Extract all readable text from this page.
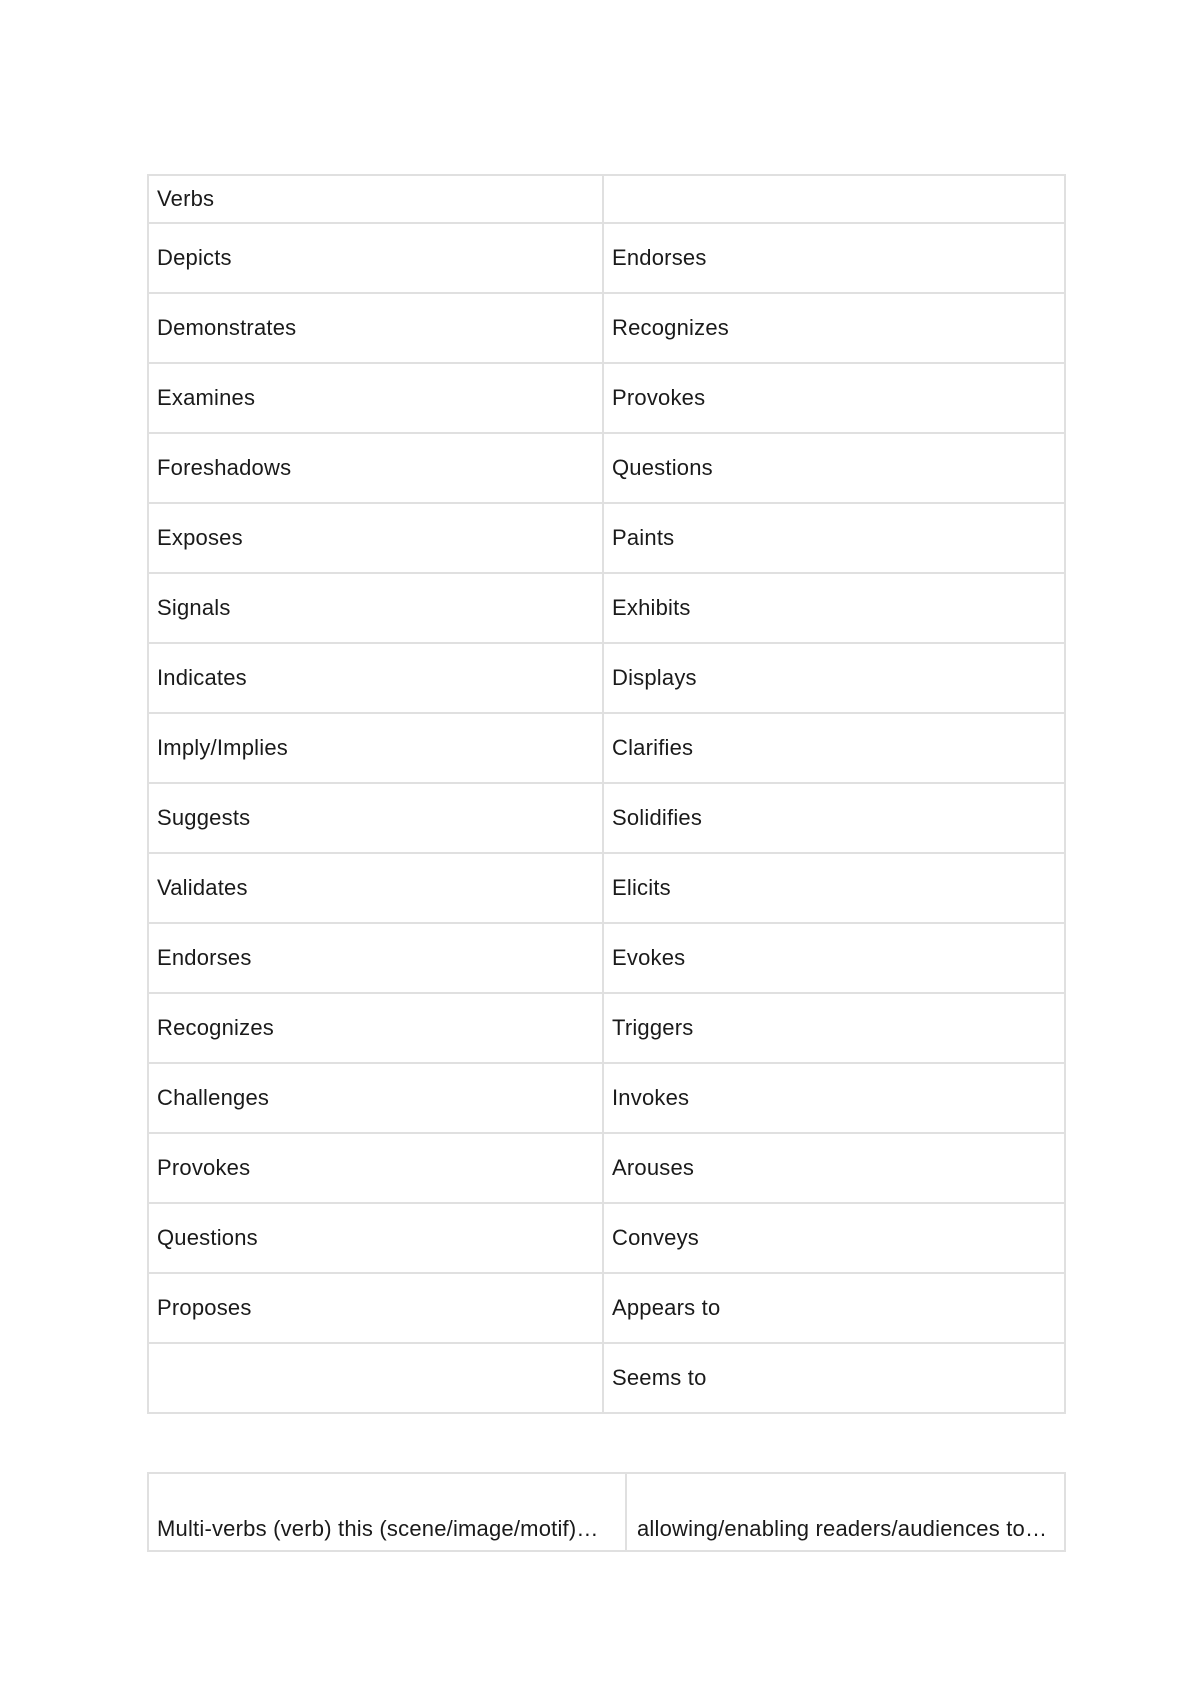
Verbs	
Depicts	Endorses
Demonstrates	Recognizes
Examines	Provokes
Foreshadows	Questions
Exposes	Paints
Signals	Exhibits
Indicates	Displays
Imply/Implies	Clarifies
Suggests	Solidifies
Validates	Elicits
Endorses	Evokes
Recognizes	Triggers
Challenges	Invokes
Provokes	Arouses
Questions	Conveys
Proposes	Appears to
	Seems to
Multi-verbs (verb) this (scene/image/motif)…	allowing/enabling readers/audiences to…
